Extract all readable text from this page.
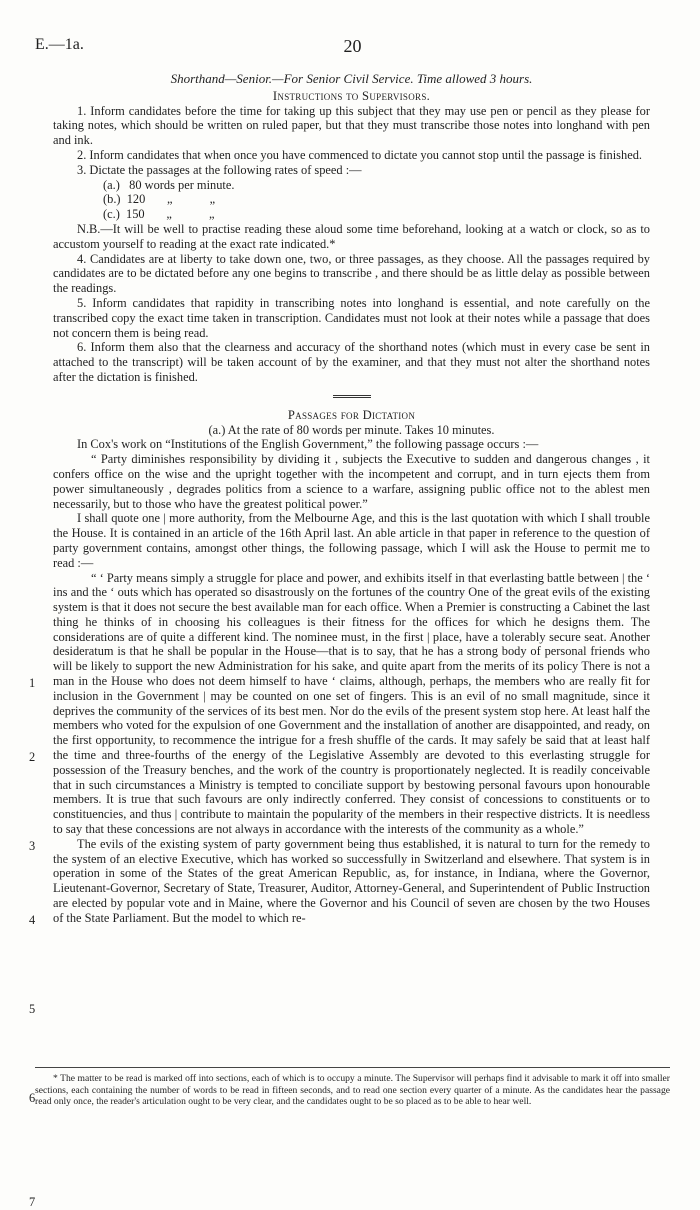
E.—1a.	20
Shorthand—Senior.—For Senior Civil Service. Time allowed 3 hours.
Instructions to Supervisors.

1. Inform candidates before the time for taking up this subject that they may use pen or pencil as they please for taking notes, which should be written on ruled paper, but that they must transcribe those notes into longhand with pen and ink.

2. Inform candidates that when once you have commenced to dictate you cannot stop until the passage is finished.

3. Dictate the passages at the following rates of speed :—

(a.)   80 words per minute.
(b.)  120       „            „
(c.)  150       „            „

N.B.—It will be well to practise reading these aloud some time beforehand, looking at a watch or clock, so as to accustom yourself to reading at the exact rate indicated.*

4. Candidates are at liberty to take down one, two, or three passages, as they choose. All the passages required by candidates are to be dictated before any one begins to transcribe , and there should be as little delay as possible between the readings.

5. Inform candidates that rapidity in transcribing notes into longhand is essential, and note carefully on the transcribed copy the exact time taken in transcription. Candidates must not look at their notes while a passage that does not concern them is being read.

6. Inform them also that the clearness and accuracy of the shorthand notes (which must in every case be sent in attached to the transcript) will be taken account of by the examiner, and that they must not alter the shorthand notes after the dictation is finished.

Passages for Dictation
(a.) At the rate of 80 words per minute. Takes 10 minutes.

In Cox's work on “Institutions of the English Government,” the following passage occurs :—

“ Party diminishes responsibility by dividing it , subjects the Executive to sudden and dangerous changes , it confers office on the wise and the upright together with the incompetent and corrupt, and in turn ejects them from power simultaneously , degrades politics from a science to a warfare, assigning public office not to the ablest men necessarily, but to those who have the greatest political power.”

I shall quote one | more authority, from the Melbourne Age, and this is the last quotation with which I shall trouble the House. It is contained in an article of the 16th April last. An able article in that paper in reference to the question of party government contains, amongst other things, the following passage, which I will ask the House to permit me to read :—

“ ‘ Party means simply a struggle for place and power, and exhibits itself in that everlasting battle between | the ‘ ins and the ‘ outs which has operated so disastrously on the fortunes of the country One of the great evils of the existing system is that it does not secure the best available man for each office. When a Premier is constructing a Cabinet the last thing he thinks of in choosing his colleagues is their fitness for the offices for which he designs them. The considerations are of quite a different kind. The nominee must, in the first | place, have a tolerably secure seat. Another desideratum is that he shall be popular in the House—that is to say, that he has a strong body of personal friends who will be likely to support the new Administration for his sake, and quite apart from the merits of its policy There is not a man in the House who does not deem himself to have ‘ claims, although, perhaps, the members who are really fit for inclusion in the Government | may be counted on one set of fingers. This is an evil of no small magnitude, since it deprives the community of the services of its best men. Nor do the evils of the present system stop here. At least half the members who voted for the expulsion of one Government and the installation of another are disappointed, and ready, on the first opportunity, to recommence the intrigue for a fresh shuffle of the cards. It may safely be said that at least half the time and three-fourths of the energy of the Legislative Assembly are devoted to this everlasting struggle for possession of the Treasury benches, and the work of the country is proportionately neglected. It is readily conceivable that in such circumstances a Ministry is tempted to conciliate support by bestowing personal favours upon honourable members. It is true that such favours are only indirectly conferred. They consist of concessions to constituents or to constituencies, and thus | contribute to maintain the popularity of the members in their respective districts. It is needless to say that these concessions are not always in accordance with the interests of the community as a whole.”

The evils of the existing system of party government being thus established, it is natural to turn for the remedy to the system of an elective Executive, which has worked so successfully in Switzerland and elsewhere. That system is in operation in some of the States of the great American Republic, as, for instance, in Indiana, where the Governor, Lieutenant-Governor, Secretary of State, Treasurer, Auditor, Attorney-General, and Superintendent of Public Instruction are elected by popular vote and in Maine, where the Governor and his Council of seven are chosen by the two Houses of the State Parliament. But the model to which re-

1
2
3
4
5
6
7
* The matter to be read is marked off into sections, each of which is to occupy a minute. The Supervisor will perhaps find it advisable to mark it off into smaller sections, each containing the number of words to be read in fifteen seconds, and to read one section every quarter of a minute. As the candidates hear the passage read only once, the reader's articulation ought to be very clear, and the candidates ought to be so placed as to be able to hear well.
